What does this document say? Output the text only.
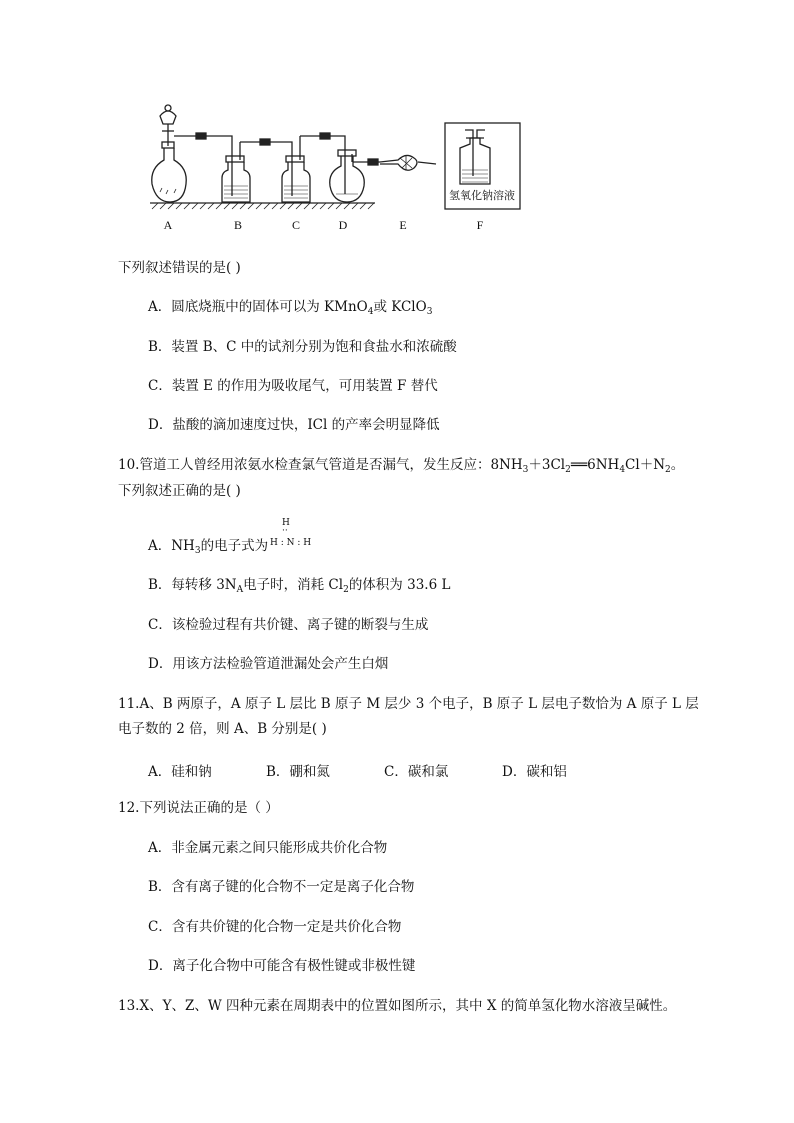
氢氧化钠溶液
A	B	C	D	E	F
下列叙述错误的是( )
A．圆底烧瓶中的固体可以为 KMnO$_4$或 KClO$_3$
B．装置 B、C 中的试剂分别为饱和食盐水和浓硫酸
C．装置 E 的作用为吸收尾气，可用装置 F 替代
D．盐酸的滴加速度过快，ICl 的产率会明显降低
10.管道工人曾经用浓氨水检查氯气管道是否漏气，发生反应：$8NH_3+3Cl_2══6NH_4Cl+N_2$。
下列叙述正确的是( )
A．$NH_3$的电子式为
H
··
H : N : H
B．每转移 $3N_A$电子时，消耗 $Cl_2$的体积为 33.6 L
C．该检验过程有共价键、离子键的断裂与生成
D．用该方法检验管道泄漏处会产生白烟
11.A、B 两原子，A 原子 L 层比 B 原子 M 层少 3 个电子，B 原子 L 层电子数恰为 A 原子 L 层
电子数的 2 倍，则 A、B 分别是( )
A．硅和钠	B．硼和氮	C．碳和氯	D．碳和铝
12.下列说法正确的是（ ）
A．非金属元素之间只能形成共价化合物
B．含有离子键的化合物不一定是离子化合物
C．含有共价键的化合物一定是共价化合物
D．离子化合物中可能含有极性键或非极性键
13.X、Y、Z、W 四种元素在周期表中的位置如图所示，其中 X 的简单氢化物水溶液呈碱性。
